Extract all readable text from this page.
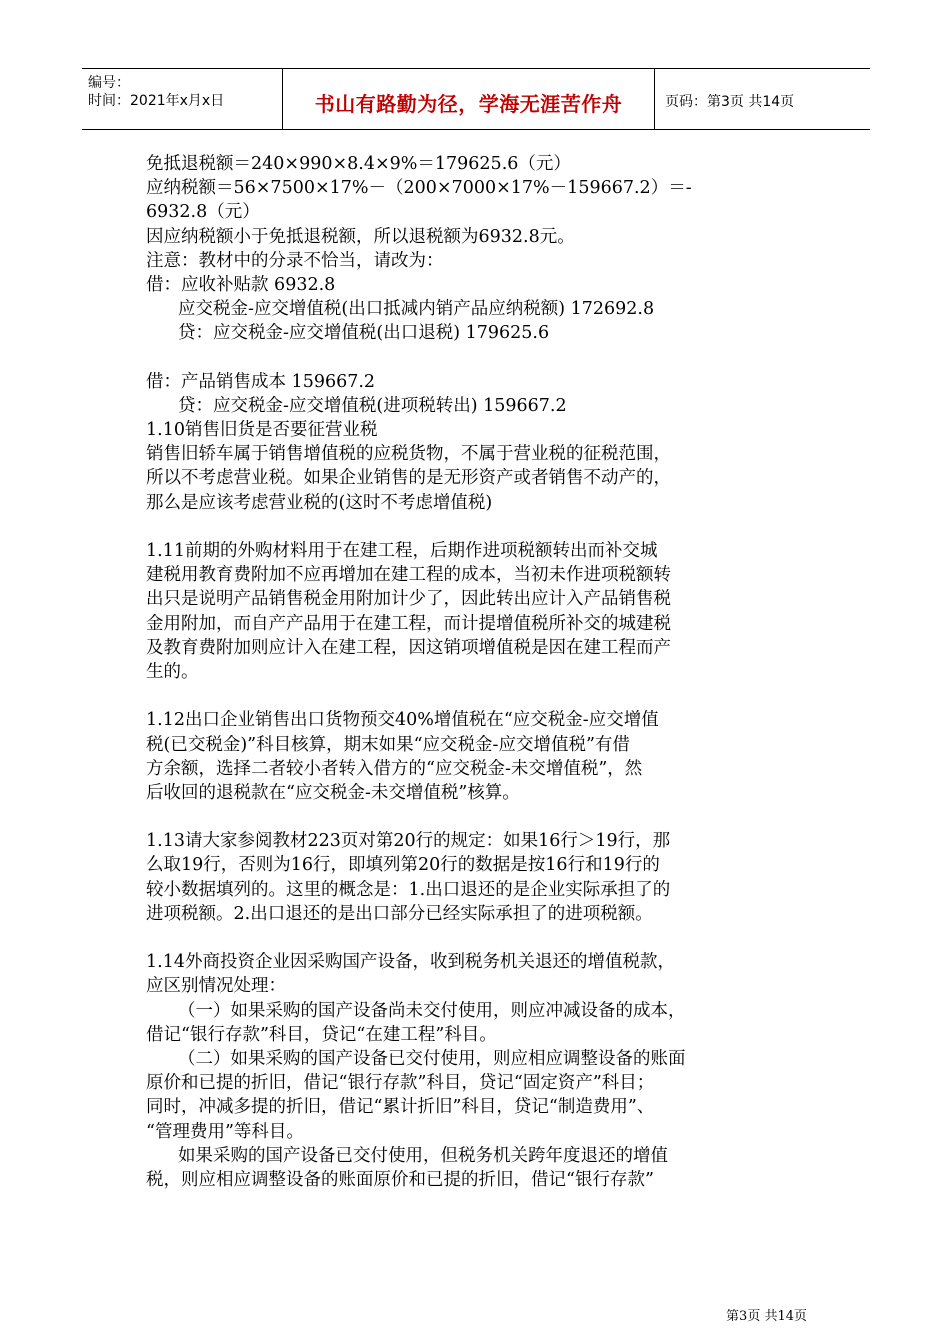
编号：
时间：2021年x月x日	书山有路勤为径，学海无涯苦作舟	页码：第3页 共14页
免抵退税额＝240×990×8.4×9%＝179625.6（元）
应纳税额＝56×7500×17%－（200×7000×17%－159667.2）＝-
6932.8（元）
因应纳税额小于免抵退税额，所以退税额为6932.8元。
注意：教材中的分录不恰当，请改为：
借：应收补贴款 6932.8
应交税金-应交增值税(出口抵减内销产品应纳税额) 172692.8
贷：应交税金-应交增值税(出口退税) 179625.6
借：产品销售成本 159667.2
贷：应交税金-应交增值税(进项税转出) 159667.2
1.10销售旧货是否要征营业税
销售旧轿车属于销售增值税的应税货物，不属于营业税的征税范围，
所以不考虑营业税。如果企业销售的是无形资产或者销售不动产的，
那么是应该考虑营业税的(这时不考虑增值税)
1.11前期的外购材料用于在建工程，后期作进项税额转出而补交城
建税用教育费附加不应再增加在建工程的成本，当初未作进项税额转
出只是说明产品销售税金用附加计少了，因此转出应计入产品销售税
金用附加，而自产产品用于在建工程，而计提增值税所补交的城建税
及教育费附加则应计入在建工程，因这销项增值税是因在建工程而产
生的。
1.12出口企业销售出口货物预交40%增值税在“应交税金-应交增值
税(已交税金)”科目核算，期末如果“应交税金-应交增值税”有借
方余额，选择二者较小者转入借方的“应交税金-未交增值税”，然
后收回的退税款在“应交税金-未交增值税”核算。
1.13请大家参阅教材223页对第20行的规定：如果16行＞19行，那
么取19行，否则为16行，即填列第20行的数据是按16行和19行的
较小数据填列的。这里的概念是：1.出口退还的是企业实际承担了的
进项税额。2.出口退还的是出口部分已经实际承担了的进项税额。
1.14外商投资企业因采购国产设备，收到税务机关退还的增值税款，
应区别情况处理：
（一）如果采购的国产设备尚未交付使用，则应冲减设备的成本，
借记“银行存款”科目，贷记“在建工程”科目。
（二）如果采购的国产设备已交付使用，则应相应调整设备的账面
原价和已提的折旧，借记“银行存款”科目，贷记“固定资产”科目；
同时，冲减多提的折旧，借记“累计折旧”科目，贷记“制造费用”、
“管理费用”等科目。
如果采购的国产设备已交付使用，但税务机关跨年度退还的增值
税，则应相应调整设备的账面原价和已提的折旧，借记“银行存款”
第3页 共14页
